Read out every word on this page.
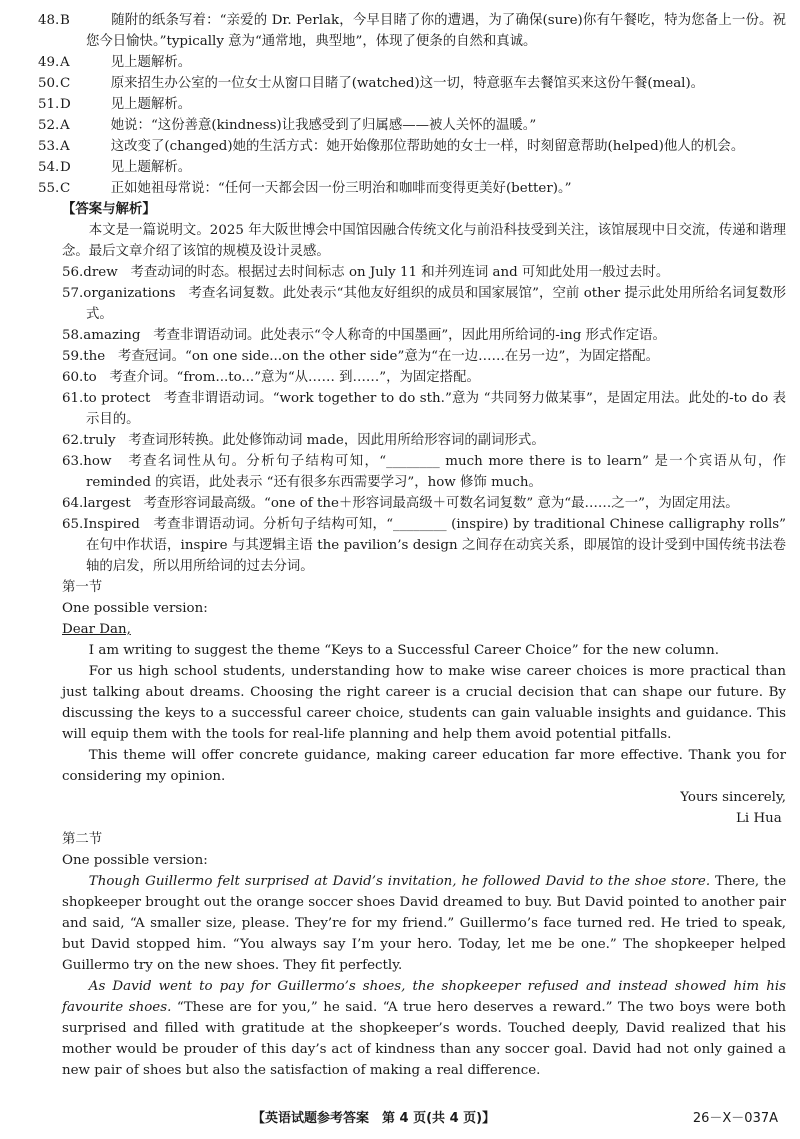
48.B	随附的纸条写着：“亲爱的 Dr. Perlak，今早目睹了你的遭遇，为了确保(sure)你有午餐吃，特为您备上一份。祝您今日愉快。”typically 意为“通常地，典型地”，体现了便条的自然和真诚。

49.A	见上题解析。

50.C	原来招生办公室的一位女士从窗口目睹了(watched)这一切，特意驱车去餐馆买来这份午餐(meal)。

51.D	见上题解析。

52.A	她说：“这份善意(kindness)让我感受到了归属感——被人关怀的温暖。”

53.A	这改变了(changed)她的生活方式：她开始像那位帮助她的女士一样，时刻留意帮助(helped)他人的机会。

54.D	见上题解析。

55.C	正如她祖母常说：“任何一天都会因一份三明治和咖啡而变得更美好(better)。”

【答案与解析】

本文是一篇说明文。2025 年大阪世博会中国馆因融合传统文化与前沿科技受到关注，该馆展现中日交流，传递和谐理念。最后文章介绍了该馆的规模及设计灵感。

56.drew 考查动词的时态。根据过去时间标志 on July 11 和并列连词 and 可知此处用一般过去时。

57.organizations 考查名词复数。此处表示“其他友好组织的成员和国家展馆”，空前 other 提示此处用所给名词复数形式。

58.amazing 考查非谓语动词。此处表示“令人称奇的中国墨画”，因此用所给词的-ing 形式作定语。

59.the 考查冠词。“on one side...on the other side”意为“在一边……在另一边”，为固定搭配。

60.to 考查介词。“from...to...”意为“从…… 到……”，为固定搭配。

61.to protect 考查非谓语动词。“work together to do sth.”意为 “共同努力做某事”，是固定用法。此处的-to do 表示目的。

62.truly 考查词形转换。此处修饰动词 made，因此用所给形容词的副词形式。

63.how 考查名词性从句。分析句子结构可知，“________ much more there is to learn” 是一个宾语从句，作 reminded 的宾语，此处表示 “还有很多东西需要学习”，how 修饰 much。

64.largest 考查形容词最高级。“one of the＋形容词最高级＋可数名词复数” 意为“最……之一”，为固定用法。

65.Inspired 考查非谓语动词。分析句子结构可知，“________ (inspire) by traditional Chinese calligraphy rolls” 在句中作状语，inspire 与其逻辑主语 the pavilion’s design 之间存在动宾关系，即展馆的设计受到中国传统书法卷轴的启发，所以用所给词的过去分词。

第一节

One possible version:

Dear Dan,

I am writing to suggest the theme “Keys to a Successful Career Choice” for the new column.

For us high school students, understanding how to make wise career choices is more practical than just talking about dreams. Choosing the right career is a crucial decision that can shape our future. By discussing the keys to a successful career choice, students can gain valuable insights and guidance. This will equip them with the tools for real-life planning and help them avoid potential pitfalls.

This theme will offer concrete guidance, making career education far more effective. Thank you for considering my opinion.

Yours sincerely,

Li Hua

第二节

One possible version:

Though Guillermo felt surprised at David’s invitation, he followed David to the shoe store. There, the shopkeeper brought out the orange soccer shoes David dreamed to buy. But David pointed to another pair and said, “A smaller size, please. They’re for my friend.” Guillermo’s face turned red. He tried to speak, but David stopped him. “You always say I’m your hero. Today, let me be one.” The shopkeeper helped Guillermo try on the new shoes. They fit perfectly.

As David went to pay for Guillermo’s shoes, the shopkeeper refused and instead showed him his favourite shoes. “These are for you,” he said. “A true hero deserves a reward.” The two boys were both surprised and filled with gratitude at the shopkeeper’s words. Touched deeply, David realized that his mother would be prouder of this day’s act of kindness than any soccer goal. David had not only gained a new pair of shoes but also the satisfaction of making a real difference.

【英语试题参考答案　第 4 页(共 4 页)】	26－X－037A
